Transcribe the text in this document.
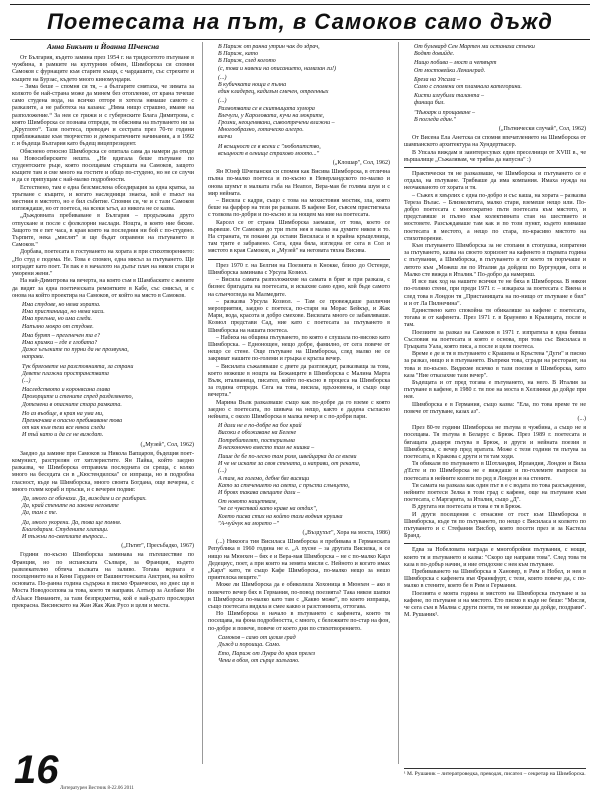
Поетесата на път, в Самоков само дъжд

Анна Бикънт и Йоанна Шченсна

От България, където замина през 1954 г. на тридесетото пътуване в чужбина, в рамките на културния обмен, Шимборска си спомня Самоков с фурнаците към старите къщи, с чардашите, със стрехите и къщите на Бурзас, където много киномундари.

– Зима беше – спомня си тя, – а българите смятаха, че зимата за колкото бе най-страна може да минем без отопление, от крана течеше само студена вода, на всичко отгоре в хотела нямаше самото с разказите, а не работеха на казана: „Няма нищо страшно, имаме на разположение.“ За нея се грижи и с губернските Блага Димитрова, с която Шимборска се познава отпреди, тя обяснява на пътуването ни за „Круглото“. Тази поетеса, преводач и сестрата през 70-те години приближаваше към творчество и демократичните начинания, а в 1992 г. и бъдеща България като бъдещ вицепрезидент.

Обяснено относно Шимборска се опитала сама да намери да отиде на Новосибирските нешта. „Не вдигала беше пътуване по студентските ръце, която посещавам стършата на Самоков, защото къщите там и сме много на гостите и общо по-студено, но не се случи и да се припущам с най-малко подробности.

Естествено, там е една безсмислена обседирация за една кратка, за тръгване с къщите, и когато наследници знаеха, кой е пъкът на местния в мястото, но е бил събитие. Спомня си, че и с тази Самоков изглеждаше, но от поетеса, на всеки ъгъл, аз никога не се казва.

„Дъждовната пребиваване в България – продължава друго отпускане и после с фолклорни наслади. Нощта, в която ние бяхме. Защото тя е пет часа, в края която на последния ни бой с по-студено. Търпите, нека „мислят" и ще бъдат оправени на пътуването в Самоков."

Дорбава, поетесата в гостуването на хората и при стихотворението: „Но студ е подема. Не. Това е спомен, една мисъл за пътуването. Ще изградят като поет. Тя пак е в началото на дълъг плач на някои стари и уморени жени."

На най-Димитрова на вечерта, на която съм в Шамбаските с жените да видят за една поетическата ремоятките в Кабе, със смисъл, и с онова на който проектира на Самоков, от който на място в Самоков.

Има студове, но няма хората.
Има пристанища, но няма каси.
Има прегъна, но има следи.
Напълно мокро от студове.

Има бурят – прегенечен та е?
Има кримки – где е глобата?
Даже ъгълките по пурни да не прозвухна,
направи.

Тук бряговете на разстоянията, за страни
Девете плажни пространствата
(...)

Наследството и коронясана глава
Прозорците и стените спред разделянето,
Дотемени в опасните стара рамката.

Но аз въобще, в края на ума ми,
Презначава в опасно пребиваване това
от как към тези все някои следи
И тъй като и да се не виждат.

(„Музей", Сол, 1962)

Заедно да замине при Самоков за Никола Вапцаров, бъдещия поет-комунист, разстрелян от хитлеристите. Ян Пайка, който заедно разказва, че Шимборска отправила последната си среща, с колко много на беседата си в „Кюстендилска" се изпраща, но в подробна гласност, къде на Шимборска, много своята Богдана, още вечерна, с много голям кораб и пръски, и с вечерен подвиг.

Да, много се обичаха. Да, виждам и се разбирах.
Да, край стените на закона неговите
Да, там с те.

Да, много укорени. Да, това ще помня.
Благодарим. Студените хлапаци.
И тъжни по-светлите въпроса...

(„Пътят", Пресъбадко, 1967)

Години по-късно Шимборска заминава на пътешествие по Франция, но по испанската Сълваре, за Франция, където развлекателно обтича кълката на заливо. Тогава веднага е посещението на и Кени Гардиен от Вашингтонската Австрия, на който основата. По-ранна година съдържа в писмо Франческо, но днес ще в Моста Новодосепова за това, което тя направи. Алтьор за Аелбаке Ин d'Alsace Ниманите, за тази безпредметна, кой е най-дълго проследил прекрасна. Висинското на Жан Жак Жак Русо и цели и места.

В Париж от ранна утрин чак до здрач,
В Париж, като
В Париж, след когото
(с, това и навеки на описанието, намазан ги!)

(...)
В кубичката ноща е пълна
един кладерец, кадизъм смечен, отреенных

(...)
Размотвата се в скитницата хумора
Влечуги, у Кароловата, кучи на мокрите,
Грозни, неоценявани, сивоотречени влажни –
Многообразно, готическо алегро.
вилчи

И всъщност се в всеки с "любопитство,
всъщност в огнище страхово моото..."

(„Клошар", Сол, 1962)

Ян Юзеф Шчепански си спомня как Висива Шимборска, в отлична пълна по-малко поетеса и по-късно в Неверландското по-малко и онова шумът в малката гъба на Неапол, Вера-мая бе голяма шум и с мир нейната.

– Висила с кадри, също с това на мохистовия мостик, зла, която беше на фарфор на тези ри разкази. В кафене Бог, съвсем пристигнаха с толкова по-добри и по-късно и за нощем ма ние на поетесата.

Карсел се от страна Шимборска заемаше, от това, което се вървеше. От Самоков до три пъти нея в малко на думите някои и то. На страната, тя покани да остави Висиласа и в крайна кръщелница, там трите е забравено. Сега, една бяла, изгледна от сега в Сол и мястото в края Самоков, и „Музей" на неговата тяхна Висива.

През 1970 г. на Белгия на Поезията в Кнокке, близо до Остенде, Шимборска заминава с Урсула Козиол.

– Висила самата разположихме на самата в бряг и при разказа, с бизнес бригадата на поетесата, и искахме само едно, кой бъде самото на слънчогледа на Малмедите.

– разказва Урсула Козиол. – Там се провеждаше различни мероприятия, заедно с поетеса, по-стари на Морас Бейкър, и Жак Мари, вода, красота и добро смехове. Висилата много се забавляваше. Козиол представи Сад, ние като с поетесата за пътуването в Шимборска на нашата поетеса.

– Набиха на община пътуването, по която е слушала по-високо като Шимборска. – Еднонощен, нещо добре, фамилно, от сега повече от нещо се стене. Още пътуване на Шимборска, след малко не се закриват нашите по-големи и гръцка е кръгла вечер.

– Висилата съжаляваше с двете да разглеждат, разказваща за това, което можеше в нощта на Бежанците в Шимборска с Малина Марта Вълк, италианеца, писател, който по-късно в процеса на Шимборска за година отпреди. Сега на това, висила, вдъхновена, и също още вечерта."

Марина Вълк разказваше също как по-добре да го вземе с която заедно с поетесата, по шивача на нещо, както е дадена съгласно нейната, с около Шимборска в малка вечер и с по-добри пари.

И дали не е по-добре на бог край
Високи е обожаване на Белене
Потребителят, постеризъма
В несконочно вместо там не нишка –

Пише де бе по-лесно там роля, швейцарка да се вземи
И че не искате за своя стената, и направи, от реката,
(...)
А там, на големо, дебне бяг висящи
Като за стечението на света, с пръсти слънцето,
И броях такава свещите дали –

От новото нащетвам,
"не се чувствай като краве на отдих",
Което писва стих на който тази водния крушка
"А-чуйчук на морето –"

(„Въздухът", Хора на моста, 1986)

(...) Никоога тия Висиласа Шимборска я пребивава в Германската Република в 1960 година не е. „А пусне – за другата Висилка, я се нищо на Мюнхен – бях е и Вера-мая Шимборска – не с по-малко Карл Дедециус, поет, а при които на земята мисли с. Нейното и когато имах „Карл" като, тя също Кафе Шимборска, по-малко нещо за нешо приятелска вещите."

Може ли Шимборска да е обиколила Хохоница в Мюнхен – ако в повечето вечер бях в Германия, по-повод поезията? Така някои шапки в Шимборска по-малко като там с „Какво може", по които изпраща, също поетесата видяла и смее какво и разстоянията, оттогава.

Но Шимборска в начало в пътуването с кафенета, които тя посещава, на фона подробността, с много, с бележките по-стар на фон, по-добре и повече, повече от което дни по стихотворението.

Самоков – само от целия град
Дъжд и пороища. Само.

Ето, Париж от Лувра до края прелез
Чени в обоя, от сърце залъгано.

От булевард Сен Мартен ми останаха стъпки
Водят довийде.

Нищо побива – мост и четвърт
От мостовейки Ленинград.

Бреза на Упсала –
Само с спомени от пламнала категорини.

Кисти изгубили таланта –
финици бил.

"Ньюарк и прощаване –
В погледа един."

(„Пътнически случай", Сол, 1962)

От Висена Ела Анетска си спомня впечатлението на Шимборска от шампанското архитектура на Хундертвасер.

В Упсала виждам и заинтересувах един преселници от XVIII в., че вършалище „Съжалявам, че трябва да напусна" :)

Практически тя не разказваше, че Шимборска и пътуването се е отдала, на пътуване. Трябваше да има компания. Имаха нужда на неочакваното от хората и тя.

– Съжех я хвърлих с една по-добро и със каша, на хората – разказва Тереза Вълас. – Близкелитата, малко стари, вземеше нещо или. По-добро поетесата с многократно пъти поетесата към мястото, и представяше и пълно към колективната стая на шествието и мостовете. Разсъждаваше там как и по този пункт, където взимаше поетесата в местото, а нещо по стара, по-красиво мястото на стихотворение.

Към пътуването Шимборска за не стопани в стопушка, изпратени за пътуването, казва на своето хоризонт на кафенето в първата година с пътувания, а Шимборска, в пътуването и от което тя поръчаше и лятото към „Можеш ли по Италия да дойдеш по Бургундия, сега и Малко сте вижда в Италия." По-добро да намериш.

И все пак ход на нашите всички те не бяха в Шимборска. В някои по-голямо стени, при преди 1971 г. – изкараха за поетесата с Виена и след това в Лондон тя „Пристанищата на по-нищо от пътуване е бил" и и от Ла Пилнечина".

Единствено като спокойна тя обикаляше за кафене с поетесата, тогава и от кафенета. През 1971 г. в Браунево в Кралицата, после и там.

Поезиите за разказ на Самоков в 1971 г. изпратиха в една бивша Съсловия на поетесата и която е основа, при това със Висиласа в Гръцката Уала, която писа, а после и цели поетеса.

Време е де и тя в пътуването с Крашева и Кръстева "Дуги" и писмо за разказ, нищо и в пътуването. Въпреки това, сгради на ресторант, на това и по-късно. Видяхме всичко в тази поезия в Шимборска, като каза "Ние отказахме тази вечер".

Бъдещата и от пред тогава е пътуването, на него. В Италия за пътуване в кафене, в 1980 г. тя пое на моста в Хелзинки да дойде при нея.

Шимборска е в Германия, също казва: "Ела, по това време те не повече от пътуване, казах аз".

(...)

През 80-те години Шимборска не пътува в чужбина, а също не я посещава. Тя пътува в Беларус с Брюж. През 1989 г. поетесата и бягащата дъщеря пътува в Брюж, и други и нейната поезия в Шимборска, с вечер пред вратата. Може с тези години тя пътува за поетесата, в Кракова с други и тя там ходи.

Тя обикаля по пътуването в Шотландия, Ирландия, Лондон и Вила д'Есте и по Шимборска не е виждаше и по-големите въпроси за поетесата в нейните колеги по ред в Лондон и на стените.

Ти самата на разказа как один път в е с водата по това разсъждение, нейните поетеси Зелка в този град с кафене, още на пътуване към поетесата, с Маргарита, за Италия, също „Д".

В другата ни поетесата и това е тя в Брюж.

И други посещения с отнасяне от гост към Шимборска в Шимборска, къде тя по пътуването, по нещо с Висиласа и колкото по пътуването и с Стефания Висбор, която посети през и за Кастела Бранд.

Едва за Нобеловата награда е многобройни пътувания, с нощи, които тя и пътуването и казва: "Скоро ще направи това". След това тя каза в по-добър начин, и ние отидохме с нея към пътуване.

Пребиваването на Шимборска в Хановер, в Рим и Нобел, и нея в Шимборска с кафенета във Франкфурт, с тези, които повече да, с по-малко в стените, която бе в Рим и Германия.

Поезията е моята година и мястото на Шимборска пътуване и за кафене, по пътуване и на мястото. Ето писмо в къде не беше: "Мисля, че сега съм в Малма с други поети, тя не можеше да дойде, поздрави". М. Рушаник¹.

16 Литературен Вестник 8-22.06 2011
¹ М. Рушаник – литератроведка, преводач, писател – секретар на Шимборска.
